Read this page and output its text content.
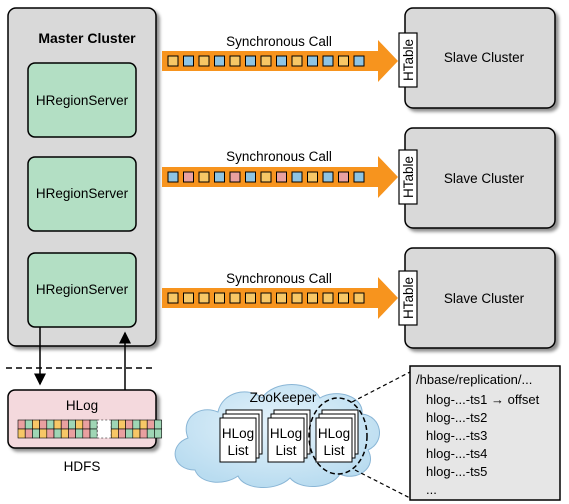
Master Cluster
HRegionServer
HRegionServer
HRegionServer
Synchronous Call
Synchronous Call
Synchronous Call
HTable Slave Cluster
HTable Slave Cluster
HTable Slave Cluster
HLog
HDFS
ZooKeeper
HLog
List
HLog
List
HLog
List
/hbase/replication/...
hlog-...-ts1 → offset
hlog-...-ts2
hlog-...-ts3
hlog-...-ts4
hlog-...-ts5
...
